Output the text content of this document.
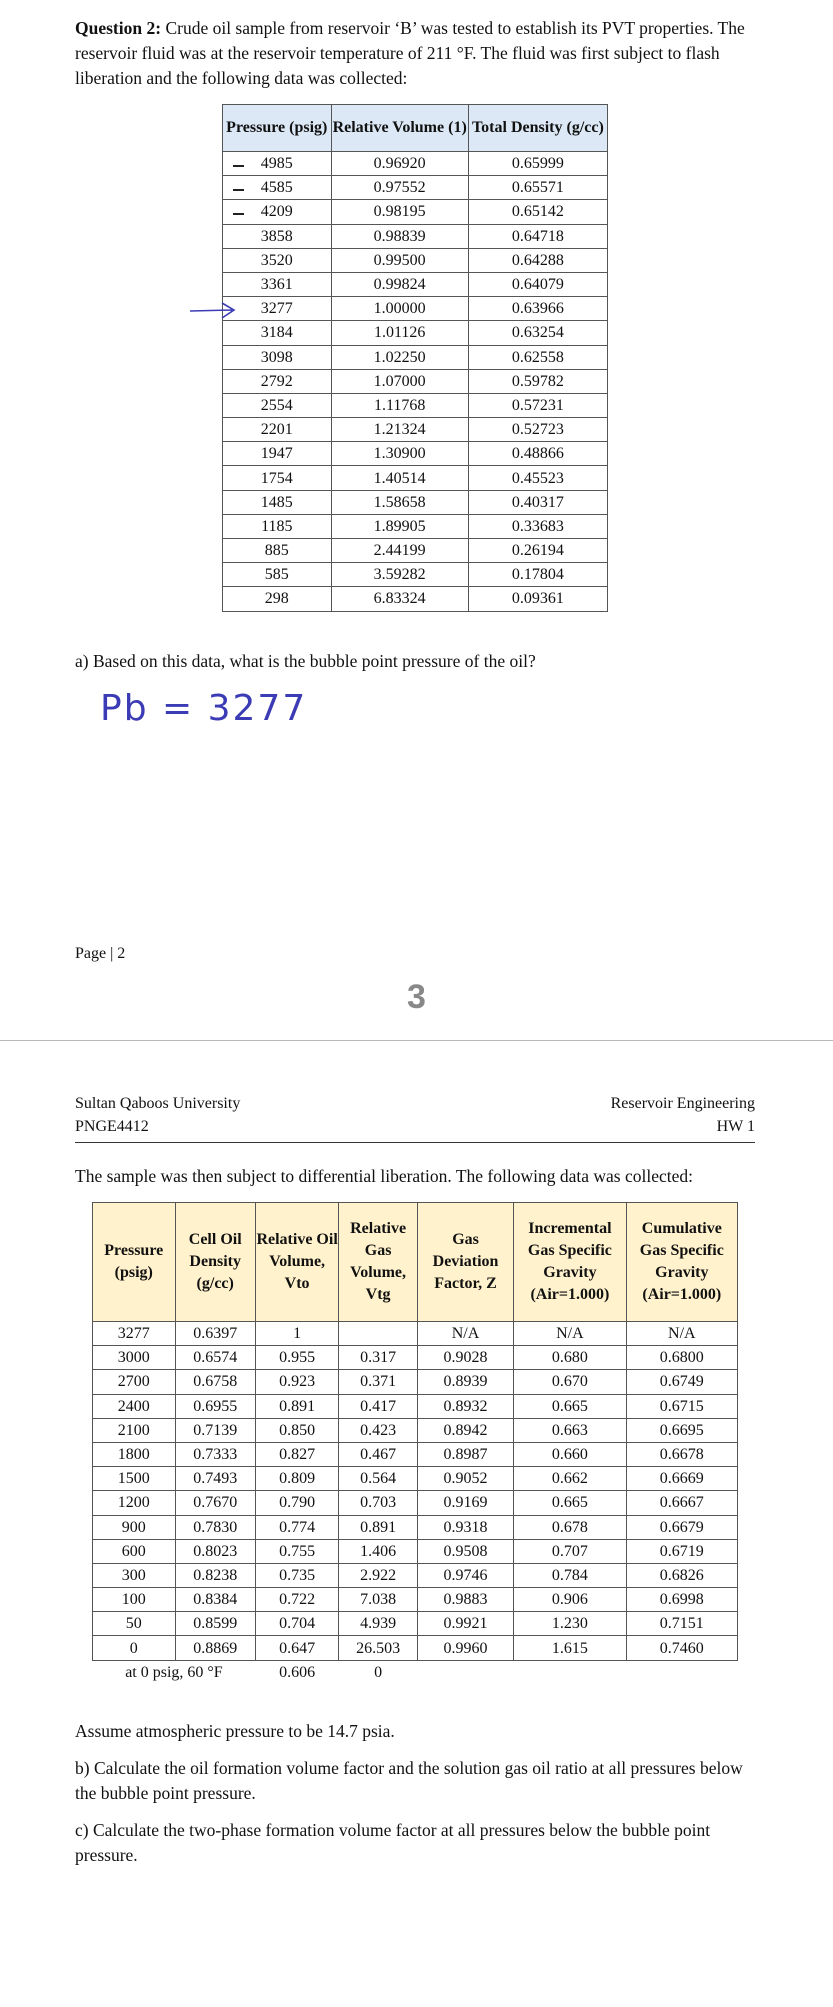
Question 2: Crude oil sample from reservoir ‘B’ was tested to establish its PVT properties. The reservoir fluid was at the reservoir temperature of 211 °F. The fluid was first subject to flash liberation and the following data was collected:
Pressure (psig)	Relative Volume (1)	Total Density (g/cc)
4985	0.96920	0.65999
4585	0.97552	0.65571
4209	0.98195	0.65142
3858	0.98839	0.64718
3520	0.99500	0.64288
3361	0.99824	0.64079
3277	1.00000	0.63966
3184	1.01126	0.63254
3098	1.02250	0.62558
2792	1.07000	0.59782
2554	1.11768	0.57231
2201	1.21324	0.52723
1947	1.30900	0.48866
1754	1.40514	0.45523
1485	1.58658	0.40317
1185	1.89905	0.33683
885	2.44199	0.26194
585	3.59282	0.17804
298	6.83324	0.09361
a) Based on this data, what is the bubble point pressure of the oil?
Pb = 3277
Page | 2
3
Sultan Qaboos University
PNGE4412
Reservoir Engineering
HW 1
The sample was then subject to differential liberation. The following data was collected:
Pressure (psig)	Cell Oil Density (g/cc)	Relative Oil Volume, Vto	Relative Gas Volume, Vtg	Gas Deviation Factor, Z	Incremental Gas Specific Gravity (Air=1.000)	Cumulative Gas Specific Gravity (Air=1.000)
3277	0.6397	1		N/A	N/A	N/A
3000	0.6574	0.955	0.317	0.9028	0.680	0.6800
2700	0.6758	0.923	0.371	0.8939	0.670	0.6749
2400	0.6955	0.891	0.417	0.8932	0.665	0.6715
2100	0.7139	0.850	0.423	0.8942	0.663	0.6695
1800	0.7333	0.827	0.467	0.8987	0.660	0.6678
1500	0.7493	0.809	0.564	0.9052	0.662	0.6669
1200	0.7670	0.790	0.703	0.9169	0.665	0.6667
900	0.7830	0.774	0.891	0.9318	0.678	0.6679
600	0.8023	0.755	1.406	0.9508	0.707	0.6719
300	0.8238	0.735	2.922	0.9746	0.784	0.6826
100	0.8384	0.722	7.038	0.9883	0.906	0.6998
50	0.8599	0.704	4.939	0.9921	1.230	0.7151
0	0.8869	0.647	26.503	0.9960	1.615	0.7460
at 0 psig, 60 °F		0.606	0			
Assume atmospheric pressure to be 14.7 psia.
b) Calculate the oil formation volume factor and the solution gas oil ratio at all pressures below the bubble point pressure.
c) Calculate the two-phase formation volume factor at all pressures below the bubble point pressure.
